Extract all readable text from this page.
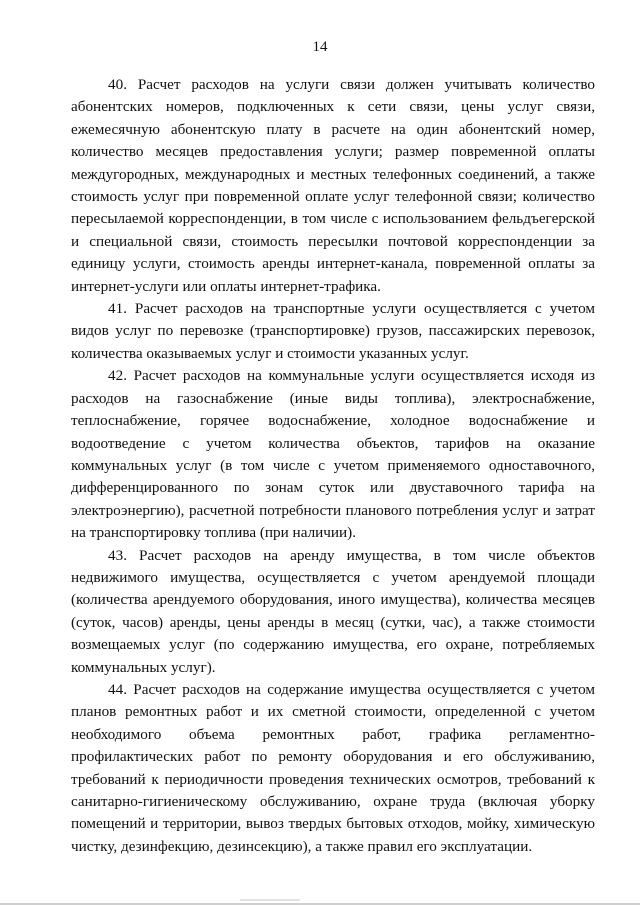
14

40. Расчет расходов на услуги связи должен учитывать количество абонентских номеров, подключенных к сети связи, цены услуг связи, ежемесячную абонентскую плату в расчете на один абонентский номер, количество месяцев предоставления услуги; размер повременной оплаты междугородных, международных и местных телефонных соединений, а также стоимость услуг при повременной оплате услуг телефонной связи; количество пересылаемой корреспонденции, в том числе с использованием фельдъегерской и специальной связи, стоимость пересылки почтовой корреспонденции за единицу услуги, стоимость аренды интернет-канала, повременной оплаты за интернет-услуги или оплаты интернет-трафика.

41. Расчет расходов на транспортные услуги осуществляется с учетом видов услуг по перевозке (транспортировке) грузов, пассажирских перевозок, количества оказываемых услуг и стоимости указанных услуг.

42. Расчет расходов на коммунальные услуги осуществляется исходя из расходов на газоснабжение (иные виды топлива), электроснабжение, теплоснабжение, горячее водоснабжение, холодное водоснабжение и водоотведение с учетом количества объектов, тарифов на оказание коммунальных услуг (в том числе с учетом применяемого одноставочного, дифференцированного по зонам суток или двуставочного тарифа на электроэнергию), расчетной потребности планового потребления услуг и затрат на транспортировку топлива (при наличии).

43. Расчет расходов на аренду имущества, в том числе объектов недвижимого имущества, осуществляется с учетом арендуемой площади (количества арендуемого оборудования, иного имущества), количества месяцев (суток, часов) аренды, цены аренды в месяц (сутки, час), а также стоимости возмещаемых услуг (по содержанию имущества, его охране, потребляемых коммунальных услуг).

44. Расчет расходов на содержание имущества осуществляется с учетом планов ремонтных работ и их сметной стоимости, определенной с учетом необходимого объема ремонтных работ, графика регламентно-профилактических работ по ремонту оборудования и его обслуживанию, требований к периодичности проведения технических осмотров, требований к санитарно-гигиеническому обслуживанию, охране труда (включая уборку помещений и территории, вывоз твердых бытовых отходов, мойку, химическую чистку, дезинфекцию, дезинсекцию), а также правил его эксплуатации.
